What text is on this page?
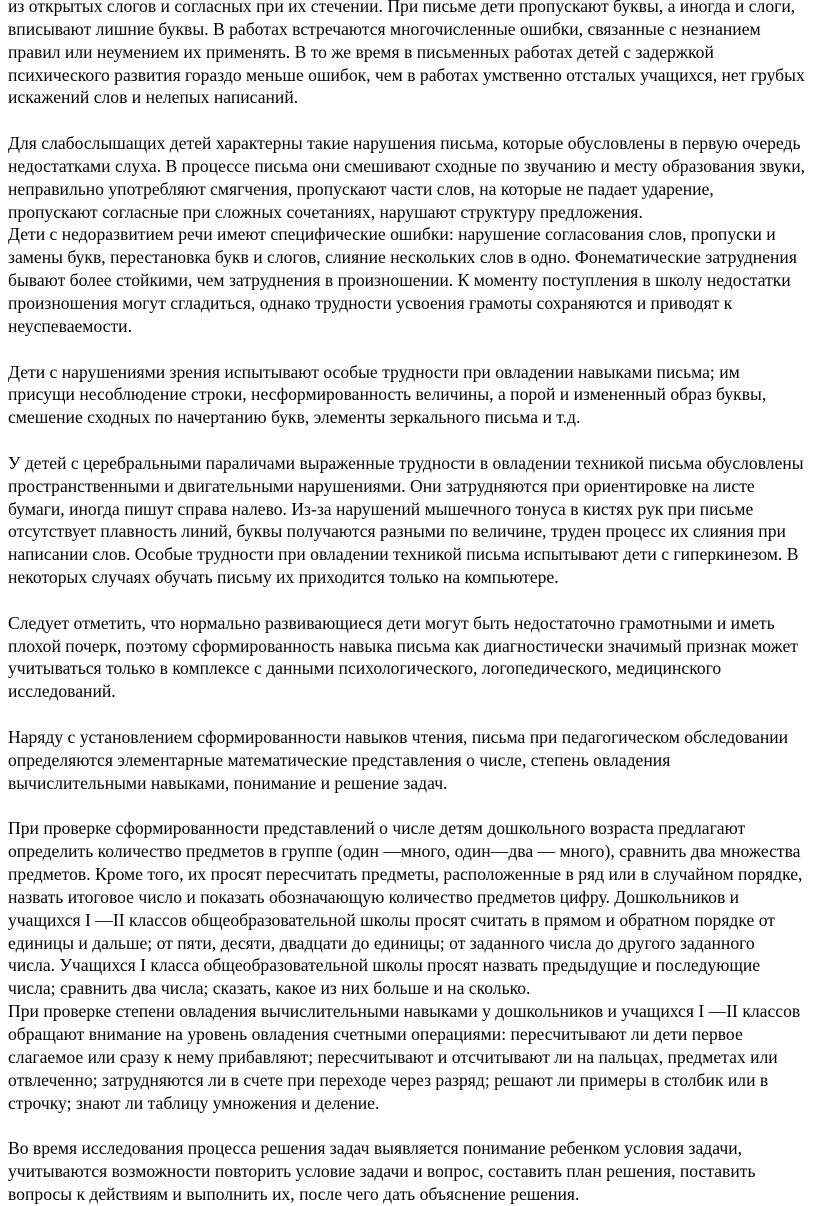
из открытых слогов и согласных при их стечении. При письме дети пропускают буквы, а иногда и слоги, вписывают лишние буквы. В работах встречаются многочисленные ошибки, связанные с незнанием правил или неумением их применять. В то же время в письменных работах детей с задержкой психического развития гораздо меньше ошибок, чем в работах умственно отсталых учащихся, нет грубых искажений слов и нелепых написаний.

Для слабослышащих детей характерны такие нарушения письма, которые обусловлены в первую очередь недостатками слуха. В процессе письма они смешивают сходные по звучанию и месту образования звуки, неправильно употребляют смягчения, пропускают части слов, на которые не падает ударение, пропускают согласные при сложных сочетаниях, нарушают структуру предложения.

Дети с недоразвитием речи имеют специфические ошибки: нарушение согласования слов, пропуски и замены букв, перестановка букв и слогов, слияние нескольких слов в одно. Фонематические затруднения бывают более стойкими, чем затруднения в произношении. К моменту поступления в школу недостатки произношения могут сгладиться, однако трудности усвоения грамоты сохраняются и приводят к неуспеваемости.

Дети с нарушениями зрения испытывают особые трудности при овладении навыками письма; им присущи несоблюдение строки, несформированность величины, а порой и измененный образ буквы, смешение сходных по начертанию букв, элементы зеркального письма и т.д.

У детей с церебральными параличами выраженные трудности в овладении техникой письма обусловлены пространственными и двигательными нарушениями. Они затрудняются при ориентировке на листе бумаги, иногда пишут справа налево. Из-за нарушений мышечного тонуса в кистях рук при письме отсутствует плавность линий, буквы получаются разными по величине, труден процесс их слияния при написании слов. Особые трудности при овладении техникой письма испытывают дети с гиперкинезом. В некоторых случаях обучать письму их приходится только на компьютере.

Следует отметить, что нормально развивающиеся дети могут быть недостаточно грамотными и иметь плохой почерк, поэтому сформированность навыка письма как диагностически значимый признак может учитываться только в комплексе с данными психологического, логопедического, медицинского исследований.

Наряду с установлением сформированности навыков чтения, письма при педагогическом обследовании определяются элементарные математические представления о числе, степень овладения вычислительными навыками, понимание и решение задач.

При проверке сформированности представлений о числе детям дошкольного возраста предлагают определить количество предметов в группе (один —много, один—два — много), сравнить два множества предметов. Кроме того, их просят пересчитать предметы, расположенные в ряд или в случайном порядке, назвать итоговое число и показать обозначающую количество предметов цифру. Дошкольников и учащихся I —II классов общеобразовательной школы просят считать в прямом и обратном порядке от единицы и дальше; от пяти, десяти, двадцати до единицы; от заданного числа до другого заданного числа. Учащихся I класса общеобразовательной школы просят назвать предыдущие и последующие числа; сравнить два числа; сказать, какое из них больше и на сколько.

При проверке степени овладения вычислительными навыками у дошкольников и учащихся I —II классов обращают внимание на уровень овладения счетными операциями: пересчитывают ли дети первое слагаемое или сразу к нему прибавляют; пересчитывают и отсчитывают ли на пальцах, предметах или отвлеченно; затрудняются ли в счете при переходе через разряд; решают ли примеры в столбик или в строчку; знают ли таблицу умножения и деление.

Во время исследования процесса решения задач выявляется понимание ребенком условия задачи, учитываются возможности повторить условие задачи и вопрос, составить план решения, поставить вопросы к действиям и выполнить их, после чего дать объяснение решения.
